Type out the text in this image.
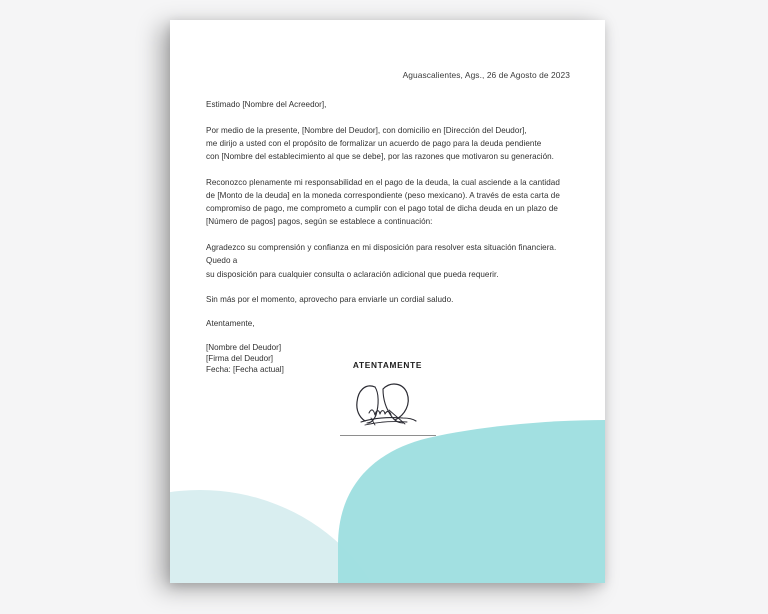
Aguascalientes, Ags., 26 de Agosto de 2023

Estimado [Nombre del Acreedor],

Por medio de la presente, [Nombre del Deudor], con domicilio en [Dirección del Deudor],
me dirijo a usted con el propósito de formalizar un acuerdo de pago para la deuda pendiente
con [Nombre del establecimiento al que se debe], por las razones que motivaron su generación.

Reconozco plenamente mi responsabilidad en el pago de la deuda, la cual asciende a la cantidad
de [Monto de la deuda] en la moneda correspondiente (peso mexicano). A través de esta carta de
compromiso de pago, me comprometo a cumplir con el pago total de dicha deuda en un plazo de
[Número de pagos] pagos, según se establece a continuación:

Agradezco su comprensión y confianza en mi disposición para resolver esta situación financiera. Quedo a
su disposición para cualquier consulta o aclaración adicional que pueda requerir.

Sin más por el momento, aprovecho para enviarle un cordial saludo.

Atentamente,

[Nombre del Deudor]
[Firma del Deudor]
Fecha: [Fecha actual]	ATENTAMENTE
